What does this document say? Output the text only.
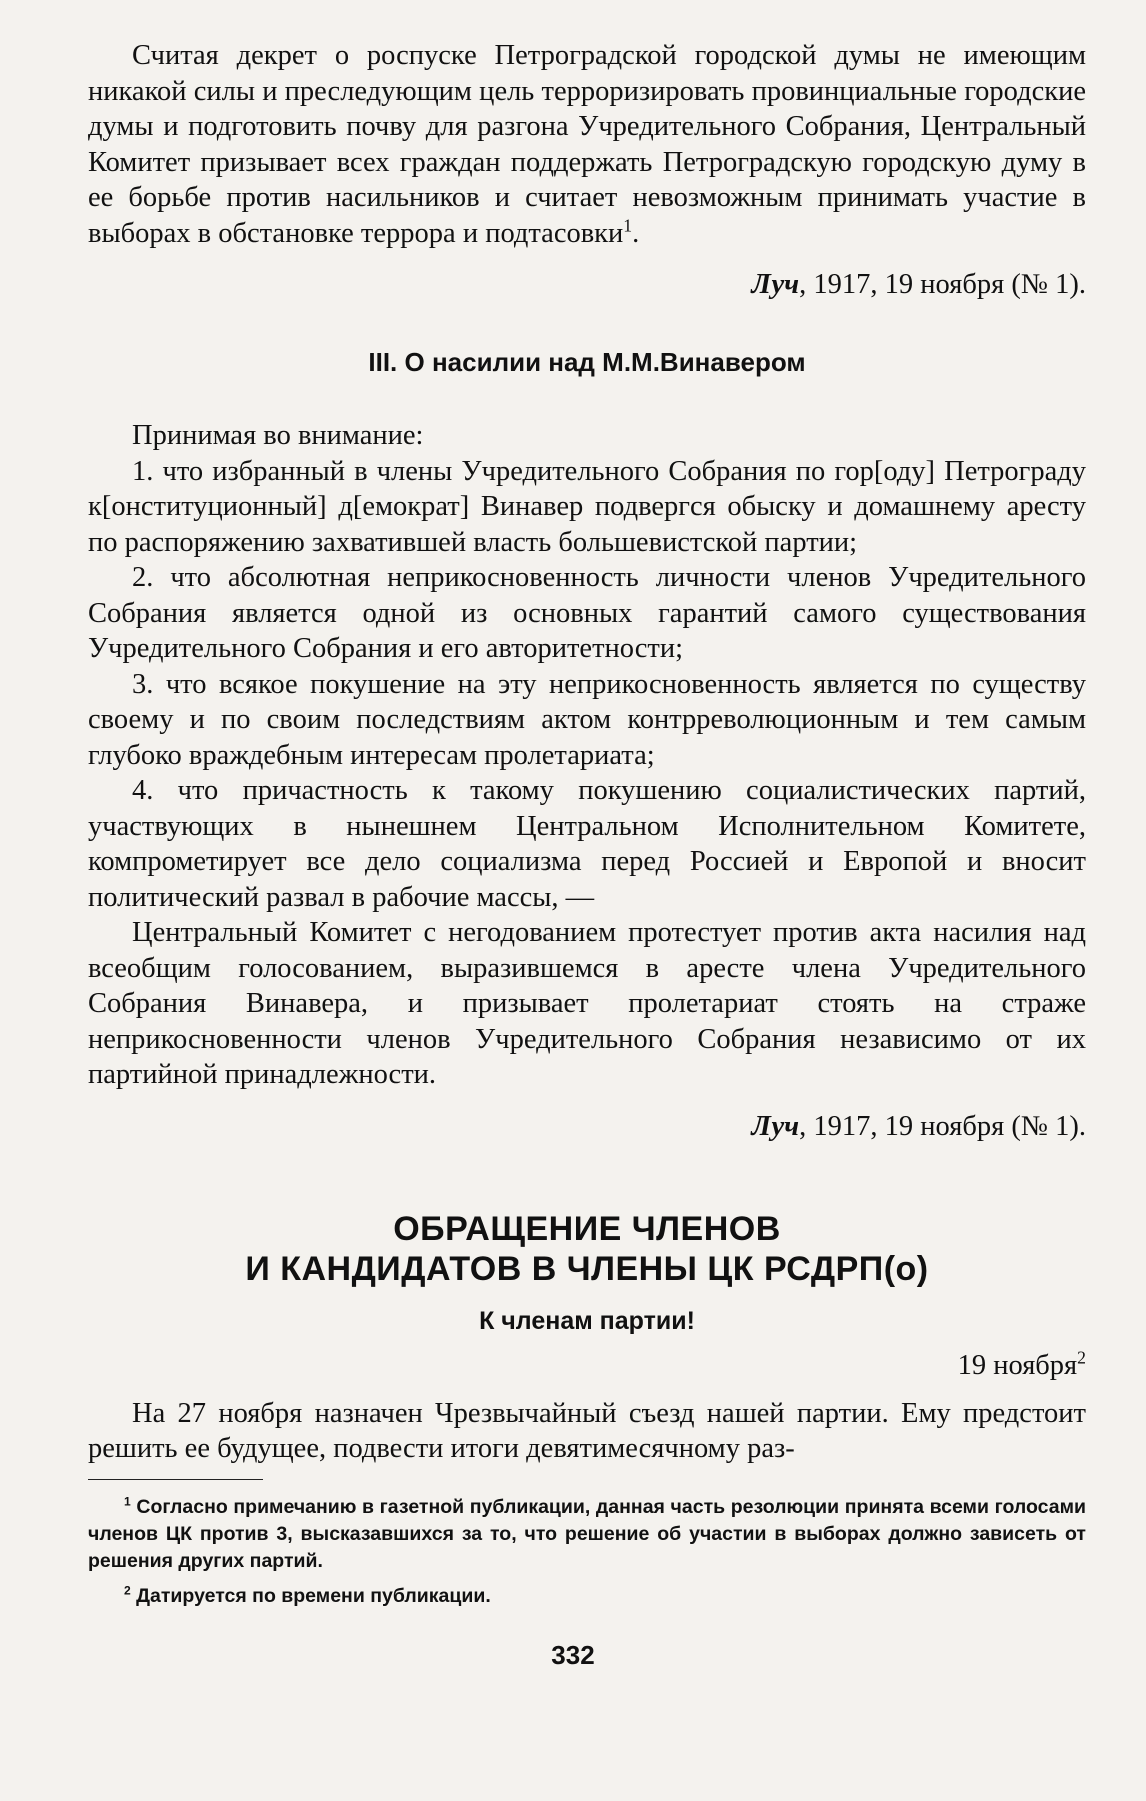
Считая декрет о роспуске Петроградской городской думы не имеющим никакой силы и преследующим цель терроризировать провинциальные городские думы и подготовить почву для разгона Учредительного Собрания, Центральный Комитет призывает всех граждан поддержать Петроградскую городскую думу в ее борьбе против насильников и считает невозможным принимать участие в выборах в обстановке террора и подтасовки$^1$.

Луч, 1917, 19 ноября (№ 1).

III. О насилии над М.М.Винавером

Принимая во внимание:

1. что избранный в члены Учредительного Собрания по гор[оду] Петрограду к[онституционный] д[емократ] Винавер подвергся обыску и домашнему аресту по распоряжению захватившей власть большевистской партии;

2. что абсолютная неприкосновенность личности членов Учредительного Собрания является одной из основных гарантий самого существования Учредительного Собрания и его авторитетности;

3. что всякое покушение на эту неприкосновенность является по существу своему и по своим последствиям актом контрреволюционным и тем самым глубоко враждебным интересам пролетариата;

4. что причастность к такому покушению социалистических партий, участвующих в нынешнем Центральном Исполнительном Комитете, компрометирует все дело социализма перед Россией и Европой и вносит политический развал в рабочие массы, —

Центральный Комитет с негодованием протестует против акта насилия над всеобщим голосованием, выразившемся в аресте члена Учредительного Собрания Винавера, и призывает пролетариат стоять на страже неприкосновенности членов Учредительного Собрания независимо от их партийной принадлежности.

Луч, 1917, 19 ноября (№ 1).

ОБРАЩЕНИЕ ЧЛЕНОВ
И КАНДИДАТОВ В ЧЛЕНЫ ЦК РСДРП(о)
К членам партии!
19 ноября$^2$

На 27 ноября назначен Чрезвычайный съезд нашей партии. Ему предстоит решить ее будущее, подвести итоги девятимесячному раз-

$^1$ Согласно примечанию в газетной публикации, данная часть резолюции принята всеми голосами членов ЦК против 3, высказавшихся за то, что решение об участии в выборах должно зависеть от решения других партий.

$^2$ Датируется по времени публикации.

332
